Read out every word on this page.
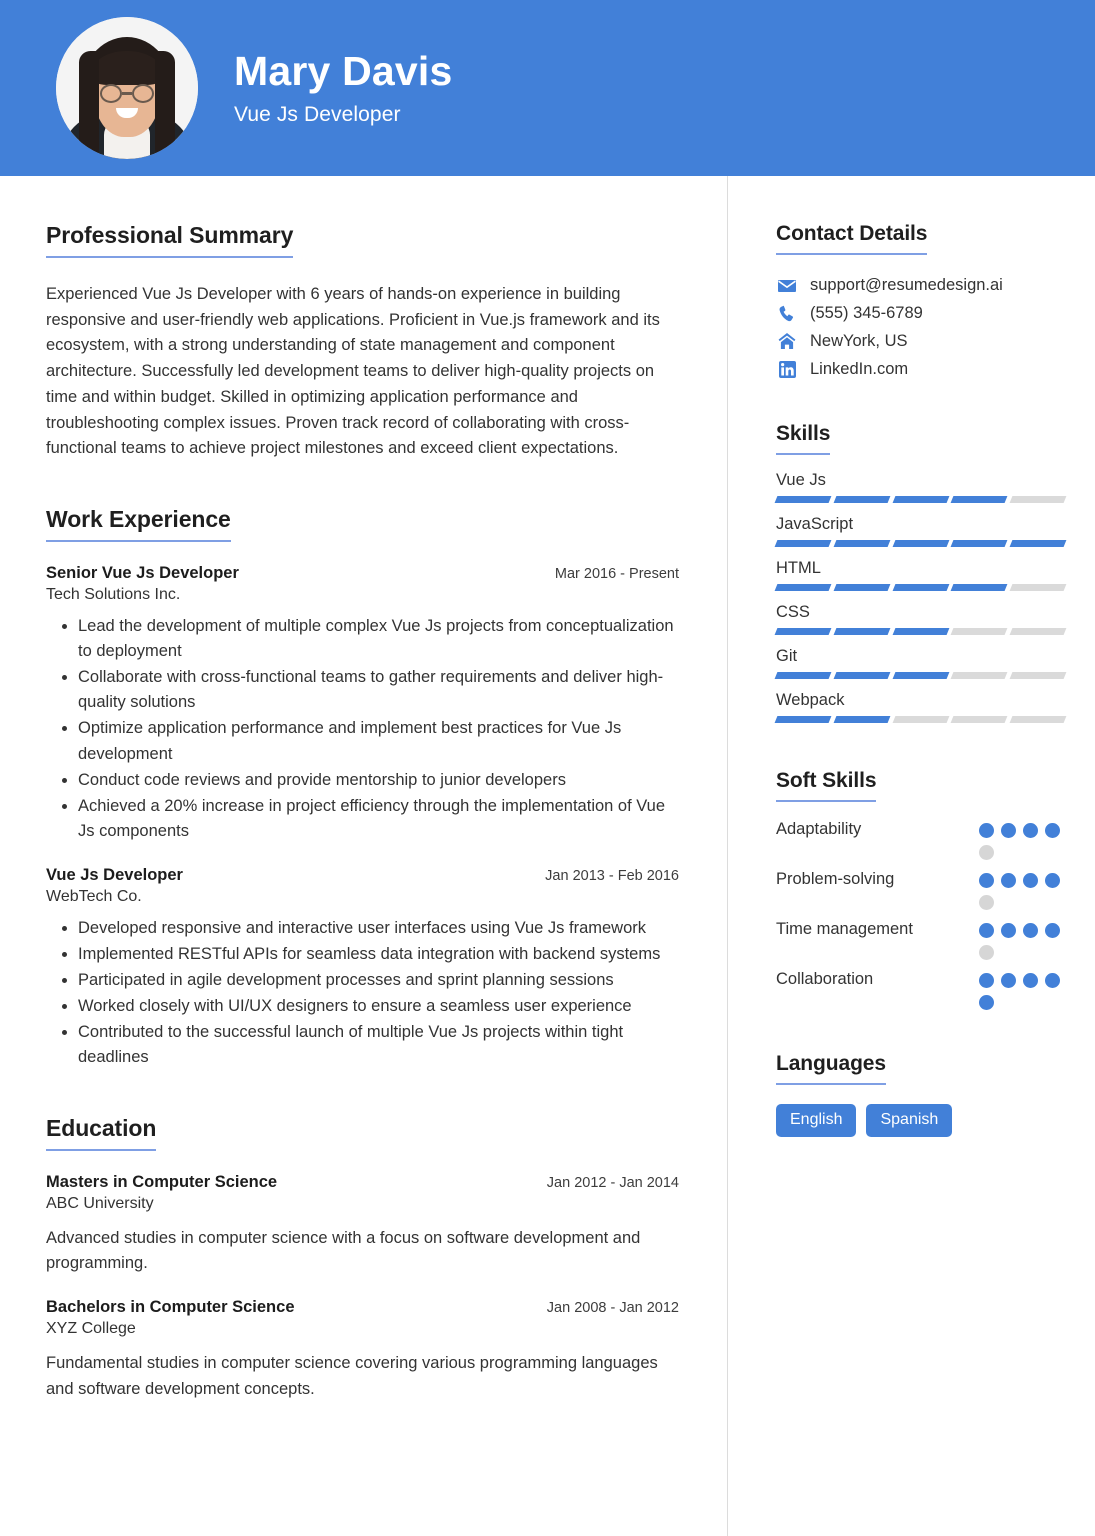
Mary Davis
Vue Js Developer
Professional Summary

Experienced Vue Js Developer with 6 years of hands-on experience in building responsive and user-friendly web applications. Proficient in Vue.js framework and its ecosystem, with a strong understanding of state management and component architecture. Successfully led development teams to deliver high-quality projects on time and within budget. Skilled in optimizing application performance and troubleshooting complex issues. Proven track record of collaborating with cross-functional teams to achieve project milestones and exceed client expectations.

Work Experience
Senior Vue Js Developer	Mar 2016 - Present
Tech Solutions Inc.
• Lead the development of multiple complex Vue Js projects from conceptualization to deployment
• Collaborate with cross-functional teams to gather requirements and deliver high-quality solutions
• Optimize application performance and implement best practices for Vue Js development
• Conduct code reviews and provide mentorship to junior developers
• Achieved a 20% increase in project efficiency through the implementation of Vue Js components
Vue Js Developer	Jan 2013 - Feb 2016
WebTech Co.
• Developed responsive and interactive user interfaces using Vue Js framework
• Implemented RESTful APIs for seamless data integration with backend systems
• Participated in agile development processes and sprint planning sessions
• Worked closely with UI/UX designers to ensure a seamless user experience
• Contributed to the successful launch of multiple Vue Js projects within tight deadlines
Education
Masters in Computer Science	Jan 2012 - Jan 2014
ABC University
Advanced studies in computer science with a focus on software development and programming.
Bachelors in Computer Science	Jan 2008 - Jan 2012
XYZ College
Fundamental studies in computer science covering various programming languages and software development concepts.
Contact Details
support@resumedesign.ai
(555) 345-6789
NewYork, US
LinkedIn.com
Skills
Vue Js
JavaScript
HTML
CSS
Git
Webpack
Soft Skills
Adaptability
Problem-solving
Time management
Collaboration
Languages
English	Spanish
